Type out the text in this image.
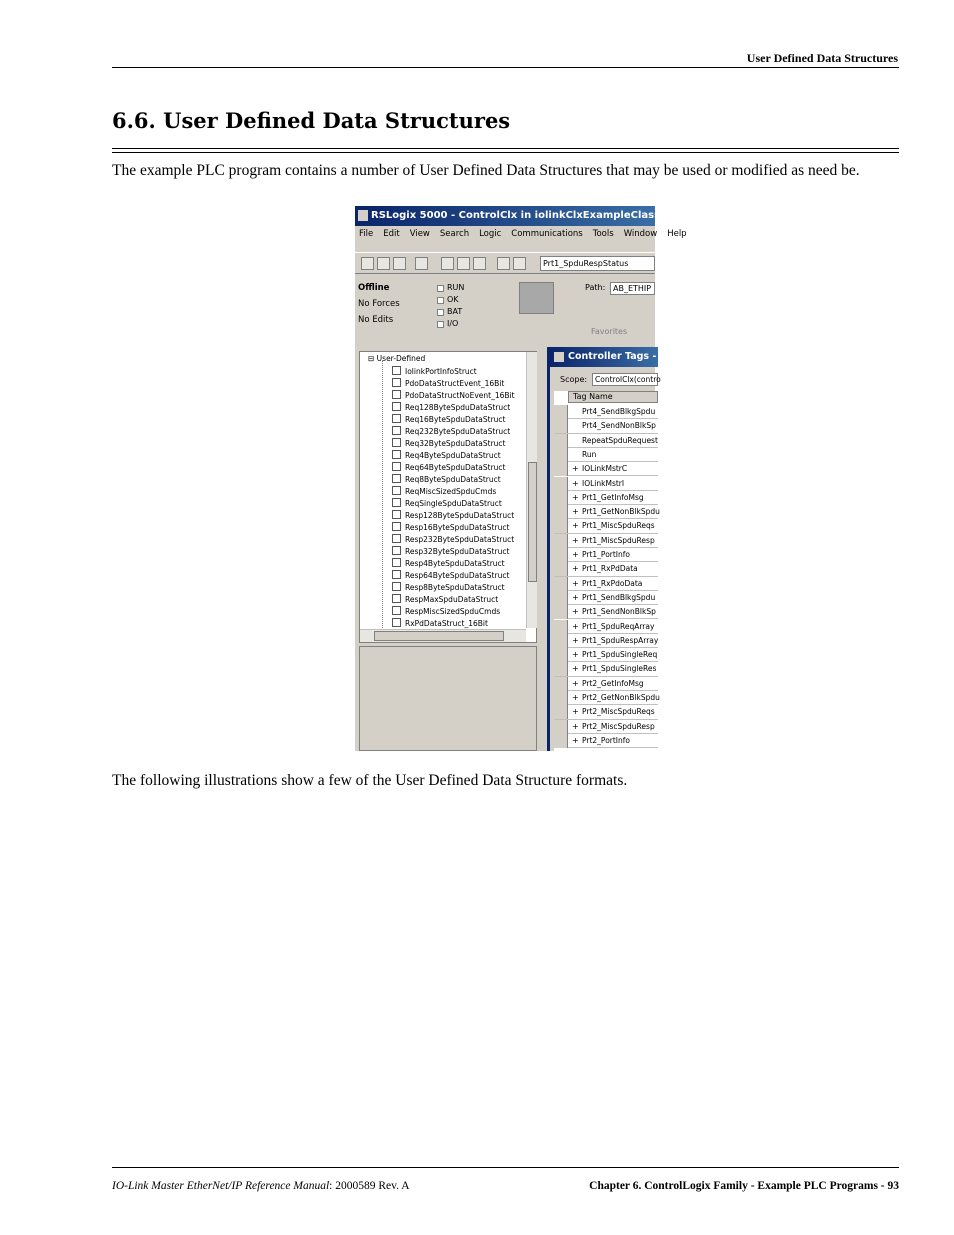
User Defined Data Structures
6.6. User Defined Data Structures
The example PLC program contains a number of User Defined Data Structures that may be used or modified as need be.
RSLogix 5000 - ControlClx in iolinkClxExampleClass1_INT.ACD
File Edit View Search Logic Communications Tools Window Help
Prt1_SpduRespStatus
Offline
No Forces
No Edits
RUN
OK
BAT
I/O
Path: AB_ETHIP
Favorites
⊟ User-Defined
IolinkPortInfoStruct
PdoDataStructEvent_16Bit
PdoDataStructNoEvent_16Bit
Req128ByteSpduDataStruct
Req16ByteSpduDataStruct
Req232ByteSpduDataStruct
Req32ByteSpduDataStruct
Req4ByteSpduDataStruct
Req64ByteSpduDataStruct
Req8ByteSpduDataStruct
ReqMiscSizedSpduCmds
ReqSingleSpduDataStruct
Resp128ByteSpduDataStruct
Resp16ByteSpduDataStruct
Resp232ByteSpduDataStruct
Resp32ByteSpduDataStruct
Resp4ByteSpduDataStruct
Resp64ByteSpduDataStruct
Resp8ByteSpduDataStruct
RespMaxSpduDataStruct
RespMiscSizedSpduCmds
RxPdDataStruct_16Bit
Controller Tags - Co
Scope:	ControlClx(contro
Tag Name
Prt4_SendBlkgSpdu
Prt4_SendNonBlkSp
RepeatSpduRequest
Run
+ IOLinkMstrC
+ IOLinkMstrI
+ Prt1_GetInfoMsg
+ Prt1_GetNonBlkSpdu
+ Prt1_MiscSpduReqs
+ Prt1_MiscSpduResp
+ Prt1_PortInfo
+ Prt1_RxPdData
+ Prt1_RxPdoData
+ Prt1_SendBlkgSpdu
+ Prt1_SendNonBlkSp
+ Prt1_SpduReqArray
+ Prt1_SpduRespArray
+ Prt1_SpduSingleReq
+ Prt1_SpduSingleRes
+ Prt2_GetInfoMsg
+ Prt2_GetNonBlkSpdu
+ Prt2_MiscSpduReqs
+ Prt2_MiscSpduResp
+ Prt2_PortInfo
The following illustrations show a few of the User Defined Data Structure formats.
IO-Link Master EtherNet/IP Reference Manual: 2000589 Rev. A	Chapter 6. ControlLogix Family - Example PLC Programs - 93
